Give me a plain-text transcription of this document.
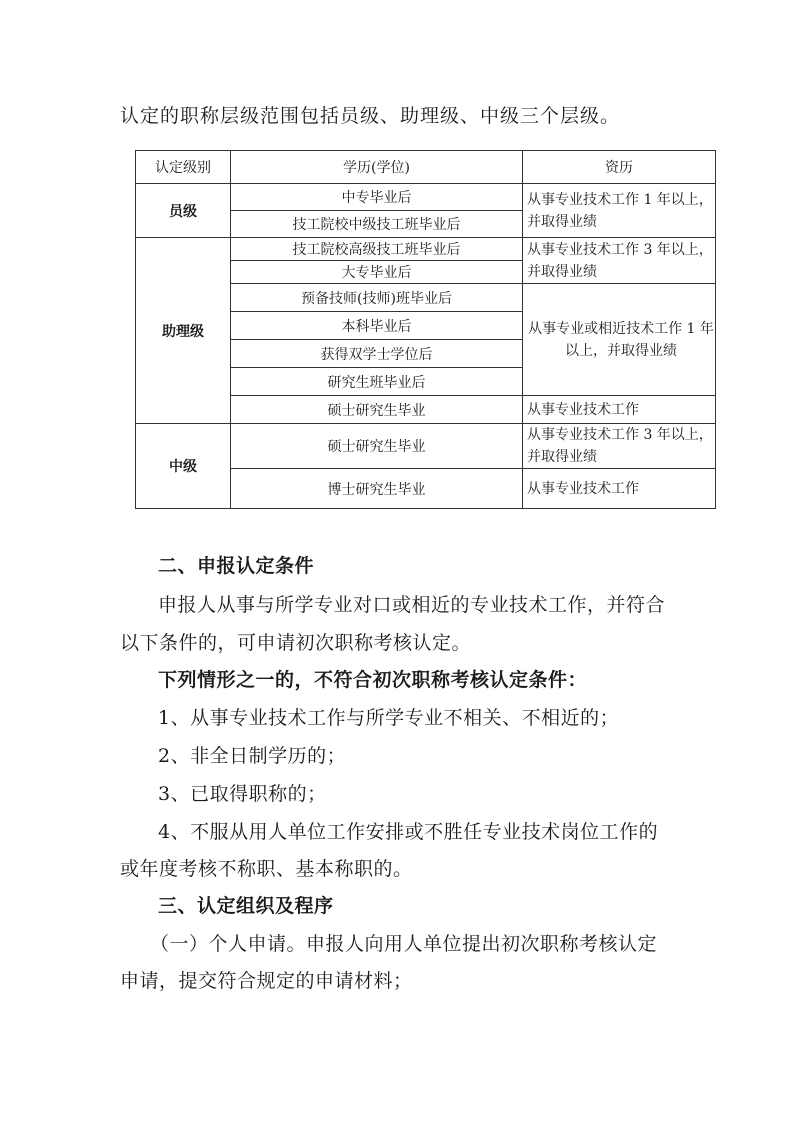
认定的职称层级范围包括员级、助理级、中级三个层级。
认定级别	学历(学位)	资历
员级	中专毕业后	从事专业技术工作 1 年以上，并取得业绩
	技工院校中级技工班毕业后	
助理级	技工院校高级技工班毕业后	从事专业技术工作 3 年以上，并取得业绩
	大专毕业后	
	预备技师(技师)班毕业后	从事专业或相近技术工作 1 年以上，并取得业绩
	本科毕业后	
	获得双学士学位后	
	研究生班毕业后	
	硕士研究生毕业	从事专业技术工作
中级	硕士研究生毕业	从事专业技术工作 3 年以上，并取得业绩
	博士研究生毕业	从事专业技术工作
二、申报认定条件
申报人从事与所学专业对口或相近的专业技术工作，并符合
以下条件的，可申请初次职称考核认定。
下列情形之一的，不符合初次职称考核认定条件：
1、从事专业技术工作与所学专业不相关、不相近的；
2、非全日制学历的；
3、已取得职称的；
4、不服从用人单位工作安排或不胜任专业技术岗位工作的
或年度考核不称职、基本称职的。
三、认定组织及程序
（一）个人申请。申报人向用人单位提出初次职称考核认定
申请，提交符合规定的申请材料；
